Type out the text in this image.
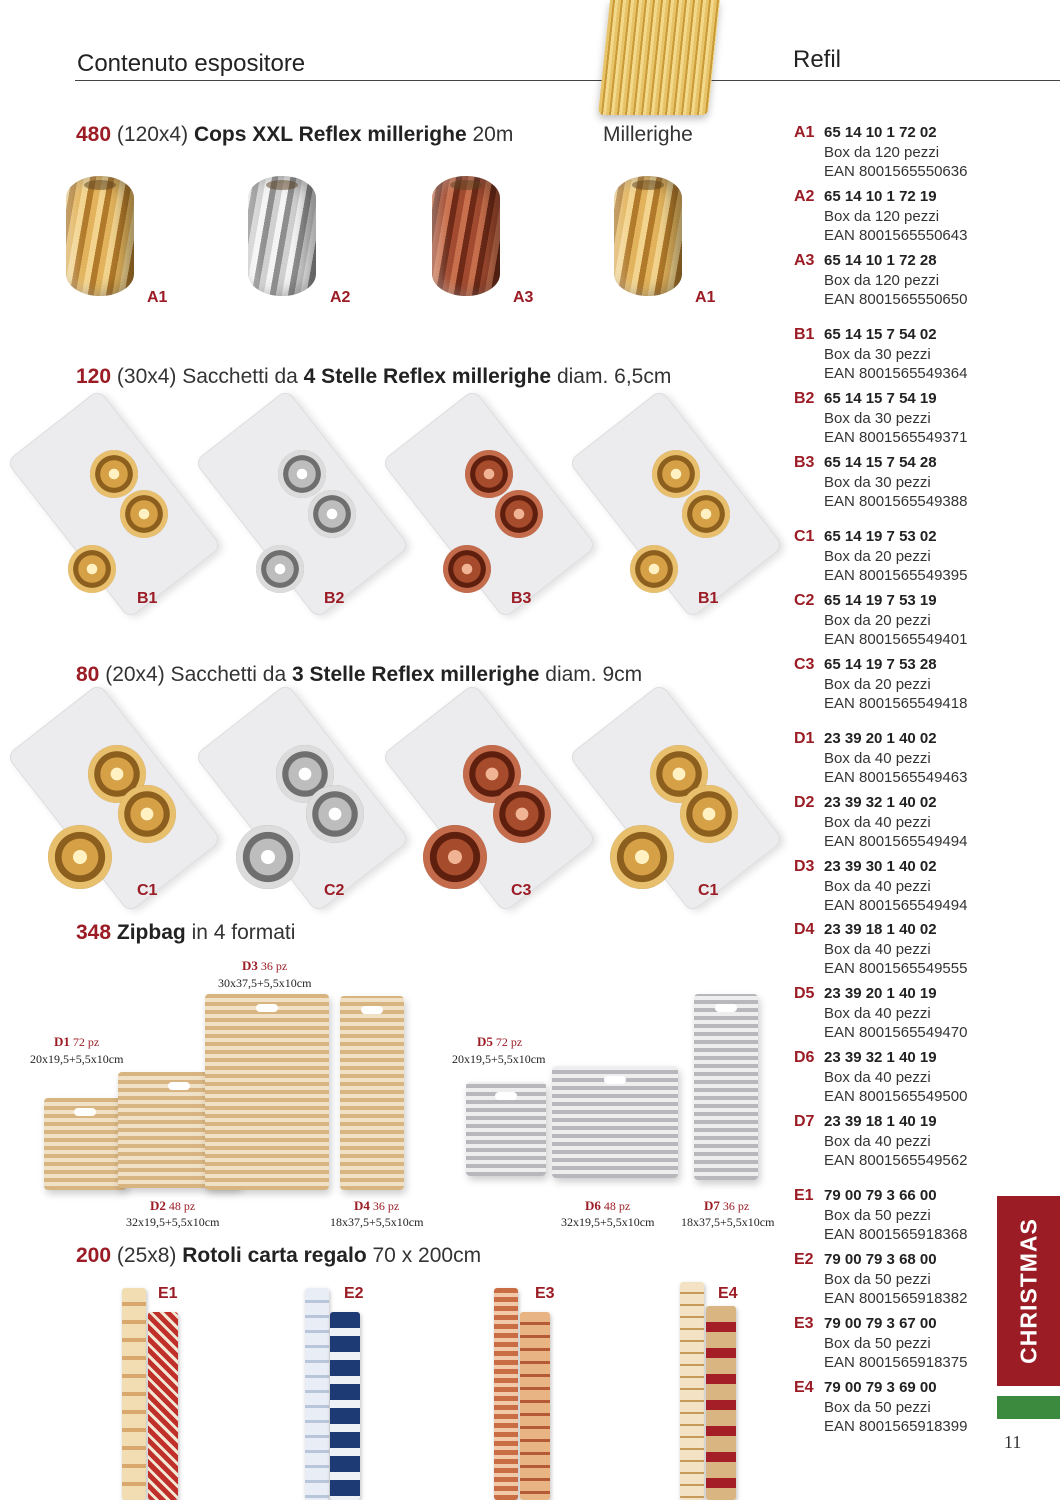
Contenuto espositore	Refil
480 (120x4) Cops XXL Reflex millerighe 20m	Millerighe
A1	A2	A3	A1
120 (30x4) Sacchetti da 4 Stelle Reflex millerighe diam. 6,5cm
B1	B2	B3	B1
80 (20x4) Sacchetti da 3 Stelle Reflex millerighe diam. 9cm
C1	C2	C3	C1
348 Zipbag in 4 formati
D1 72 pz
20x19,5+5,5x10cm
D3 36 pz
30x37,5+5,5x10cm
D2 48 pz
32x19,5+5,5x10cm
D4 36 pz
18x37,5+5,5x10cm
D5 72 pz
20x19,5+5,5x10cm
D6 48 pz
32x19,5+5,5x10cm
D7 36 pz
18x37,5+5,5x10cm
200 (25x8) Rotoli carta regalo 70 x 200cm
E1	E2	E3	E4
A1 65 14 10 1 72 02
Box da 120 pezzi
EAN 8001565550636
A2 65 14 10 1 72 19
Box da 120 pezzi
EAN 8001565550643
A3 65 14 10 1 72 28
Box da 120 pezzi
EAN 8001565550650
B1 65 14 15 7 54 02
Box da 30 pezzi
EAN 8001565549364
B2 65 14 15 7 54 19
Box da 30 pezzi
EAN 8001565549371
B3 65 14 15 7 54 28
Box da 30 pezzi
EAN 8001565549388
C1 65 14 19 7 53 02
Box da 20 pezzi
EAN 8001565549395
C2 65 14 19 7 53 19
Box da 20 pezzi
EAN 8001565549401
C3 65 14 19 7 53 28
Box da 20 pezzi
EAN 8001565549418
D1 23 39 20 1 40 02
Box da 40 pezzi
EAN 8001565549463
D2 23 39 32 1 40 02
Box da 40 pezzi
EAN 8001565549494
D3 23 39 30 1 40 02
Box da 40 pezzi
EAN 8001565549494
D4 23 39 18 1 40 02
Box da 40 pezzi
EAN 8001565549555
D5 23 39 20 1 40 19
Box da 40 pezzi
EAN 8001565549470
D6 23 39 32 1 40 19
Box da 40 pezzi
EAN 8001565549500
D7 23 39 18 1 40 19
Box da 40 pezzi
EAN 8001565549562
E1 79 00 79 3 66 00
Box da 50 pezzi
EAN 8001565918368
E2 79 00 79 3 68 00
Box da 50 pezzi
EAN 8001565918382
E3 79 00 79 3 67 00
Box da 50 pezzi
EAN 8001565918375
E4 79 00 79 3 69 00
Box da 50 pezzi
EAN 8001565918399
CHRISTMAS
11
